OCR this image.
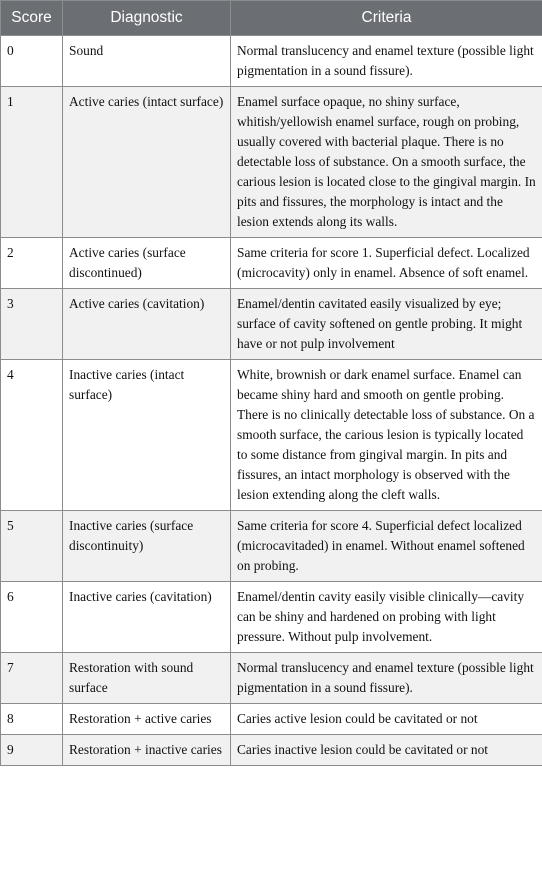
Score	Diagnostic	Criteria
0	Sound	Normal translucency and enamel texture (possible light pigmentation in a sound fissure).
1	Active caries (intact surface)	Enamel surface opaque, no shiny surface, whitish/yellowish enamel surface, rough on probing, usually covered with bacterial plaque. There is no detectable loss of substance. On a smooth surface, the carious lesion is located close to the gingival margin. In pits and fissures, the morphology is intact and the lesion extends along its walls.
2	Active caries (surface discontinued)	Same criteria for score 1. Superficial defect. Localized (microcavity) only in enamel. Absence of soft enamel.
3	Active caries (cavitation)	Enamel/dentin cavitated easily visualized by eye; surface of cavity softened on gentle probing. It might have or not pulp involvement
4	Inactive caries (intact surface)	White, brownish or dark enamel surface. Enamel can became shiny hard and smooth on gentle probing. There is no clinically detectable loss of substance. On a smooth surface, the carious lesion is typically located to some distance from gingival margin. In pits and fissures, an intact morphology is observed with the lesion extending along the cleft walls.
5	Inactive caries (surface discontinuity)	Same criteria for score 4. Superficial defect localized (microcavitaded) in enamel. Without enamel softened on probing.
6	Inactive caries (cavitation)	Enamel/dentin cavity easily visible clinically—cavity can be shiny and hardened on probing with light pressure. Without pulp involvement.
7	Restoration with sound surface	Normal translucency and enamel texture (possible light pigmentation in a sound fissure).
8	Restoration + active caries	Caries active lesion could be cavitated or not
9	Restoration + inactive caries	Caries inactive lesion could be cavitated or not
